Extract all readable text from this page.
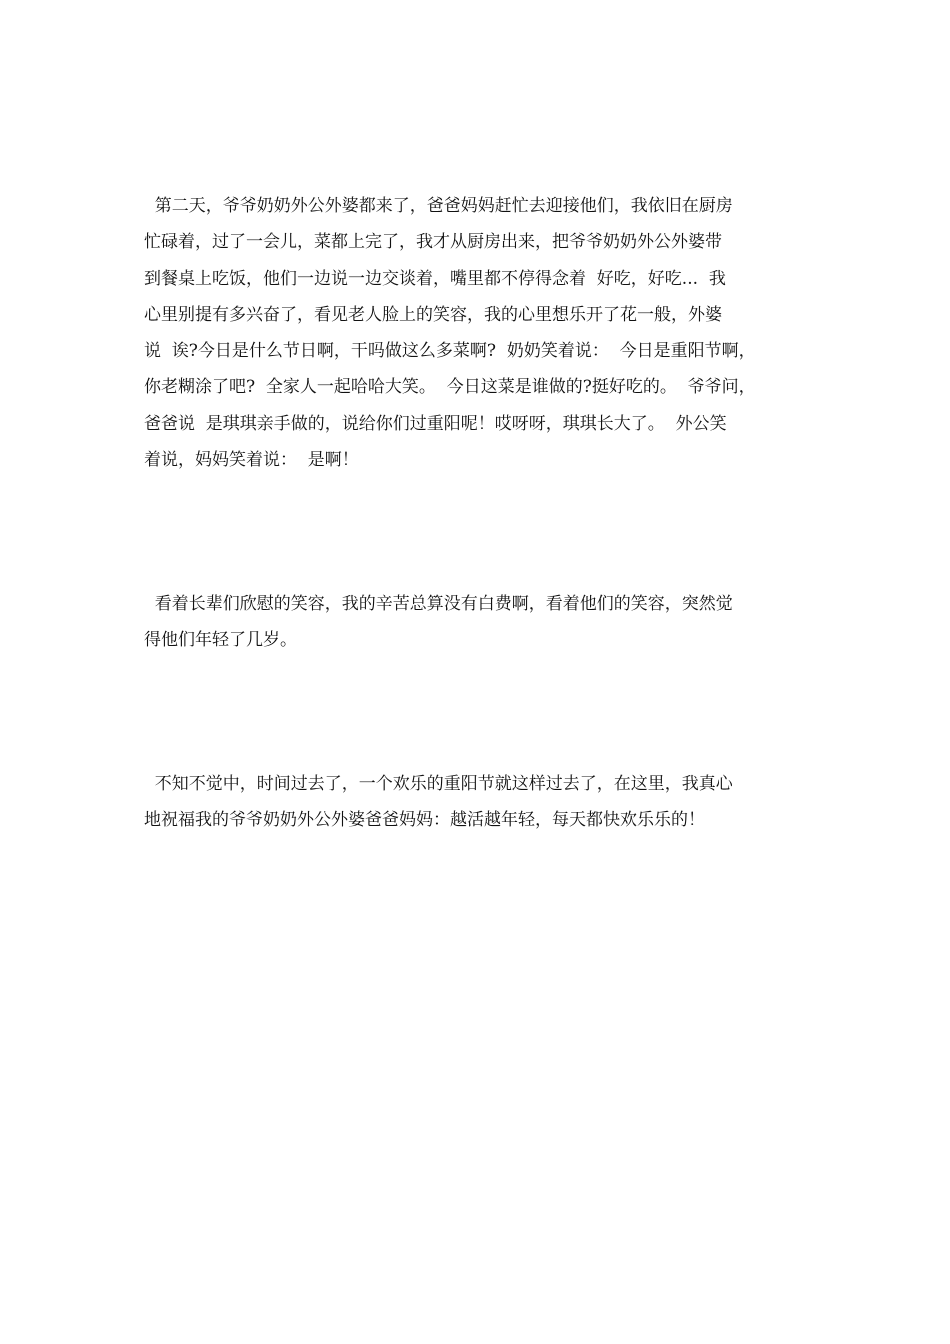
第二天，爷爷奶奶外公外婆都来了，爸爸妈妈赶忙去迎接他们，我依旧在厨房
忙碌着，过了一会儿，菜都上完了，我才从厨房出来，把爷爷奶奶外公外婆带
到餐桌上吃饭，他们一边说一边交谈着，嘴里都不停得念着  好吃，好吃...  我
心里别提有多兴奋了，看见老人脸上的笑容，我的心里想乐开了花一般，外婆
说  诶?今日是什么节日啊，干吗做这么多菜啊?  奶奶笑着说：  今日是重阳节啊，
你老糊涂了吧?  全家人一起哈哈大笑。  今日这菜是谁做的?挺好吃的。  爷爷问，
爸爸说  是琪琪亲手做的，说给你们过重阳呢！哎呀呀，琪琪长大了。  外公笑
着说，妈妈笑着说：  是啊！

看着长辈们欣慰的笑容，我的辛苦总算没有白费啊，看着他们的笑容，突然觉
得他们年轻了几岁。

不知不觉中，时间过去了，一个欢乐的重阳节就这样过去了，在这里，我真心
地祝福我的爷爷奶奶外公外婆爸爸妈妈：越活越年轻，每天都快欢乐乐的！
